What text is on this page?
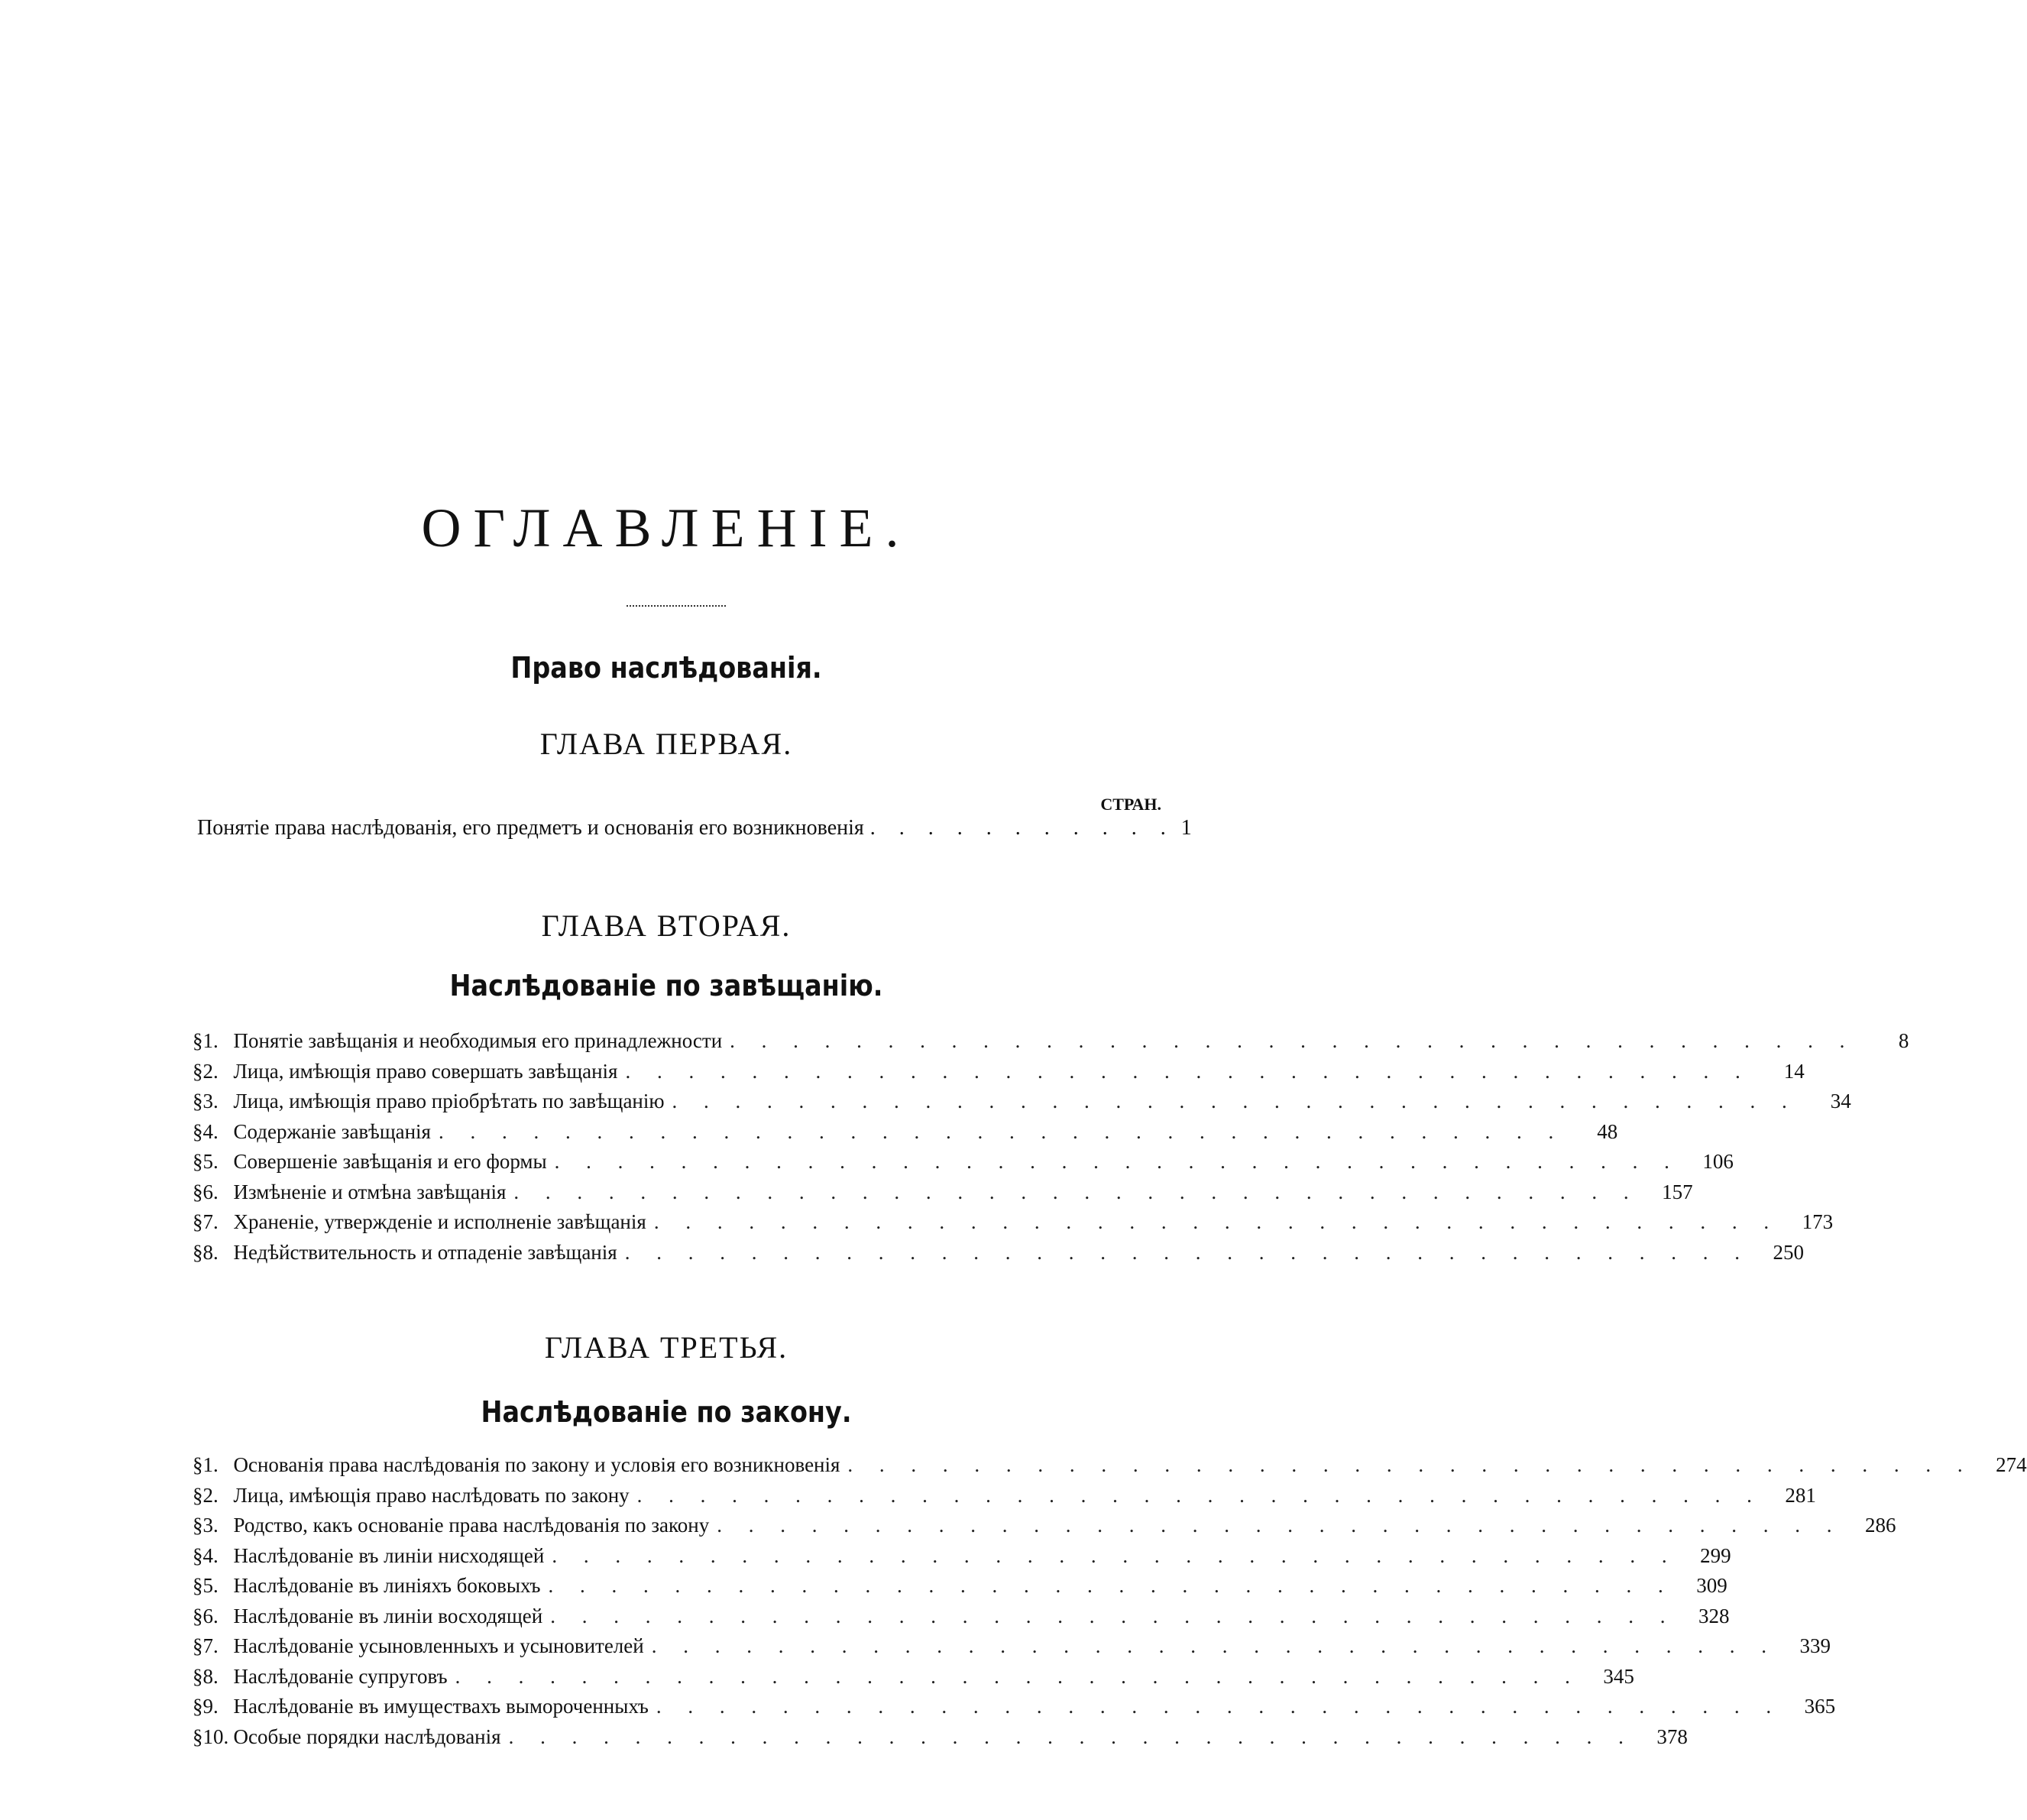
ОГЛАВЛЕНІЕ.
Право наслѣдованія.
ГЛАВА ПЕРВАЯ.
СТРАН.
Понятіе права наслѣдованія, его предметъ и основанія его возникновенія . . . . . . . . . . . 1
ГЛАВА ВТОРАЯ.
Наслѣдованіе по завѣщанію.
§ 1. Понятіе завѣщанія и необходимыя его принадлежности . . . . . . . . . . . . . . . . . . . . . . . . . . . . . . . . . . . .	8
§ 2. Лица, имѣющія право совершать завѣщанія . . . . . . . . . . . . . . . . . . . . . . . . . . . . . . . . . . . .	14
§ 3. Лица, имѣющія право пріобрѣтать по завѣщанію . . . . . . . . . . . . . . . . . . . . . . . . . . . . . . . . . . . .	34
§ 4. Содержаніе завѣщанія . . . . . . . . . . . . . . . . . . . . . . . . . . . . . . . . . . . .	48
§ 5. Совершеніе завѣщанія и его формы . . . . . . . . . . . . . . . . . . . . . . . . . . . . . . . . . . . .	106
§ 6. Измѣненіе и отмѣна завѣщанія . . . . . . . . . . . . . . . . . . . . . . . . . . . . . . . . . . . .	157
§ 7. Храненіе, утвержденіе и исполненіе завѣщанія . . . . . . . . . . . . . . . . . . . . . . . . . . . . . . . . . . . .	173
§ 8. Недѣйствительность и отпаденіе завѣщанія . . . . . . . . . . . . . . . . . . . . . . . . . . . . . . . . . . . .	250
ГЛАВА ТРЕТЬЯ.
Наслѣдованіе по закону.
§ 1. Основанія права наслѣдованія по закону и условія его возникновенія . . . . . . . . . . . . . . . . . . . . . . . . . . . . . . . . . . . .	274
§ 2. Лица, имѣющія право наслѣдовать по закону . . . . . . . . . . . . . . . . . . . . . . . . . . . . . . . . . . . .	281
§ 3. Родство, какъ основаніе права наслѣдованія по закону . . . . . . . . . . . . . . . . . . . . . . . . . . . . . . . . . . . .	286
§ 4. Наслѣдованіе въ линіи нисходящей . . . . . . . . . . . . . . . . . . . . . . . . . . . . . . . . . . . .	299
§ 5. Наслѣдованіе въ линіяхъ боковыхъ . . . . . . . . . . . . . . . . . . . . . . . . . . . . . . . . . . . .	309
§ 6. Наслѣдованіе въ линіи восходящей . . . . . . . . . . . . . . . . . . . . . . . . . . . . . . . . . . . .	328
§ 7. Наслѣдованіе усыновленныхъ и усыновителей . . . . . . . . . . . . . . . . . . . . . . . . . . . . . . . . . . . .	339
§ 8. Наслѣдованіе супруговъ . . . . . . . . . . . . . . . . . . . . . . . . . . . . . . . . . . . .	345
§ 9. Наслѣдованіе въ имуществахъ вымороченныхъ . . . . . . . . . . . . . . . . . . . . . . . . . . . . . . . . . . . .	365
§ 10. Особые порядки наслѣдованія . . . . . . . . . . . . . . . . . . . . . . . . . . . . . . . . . . . .	378
